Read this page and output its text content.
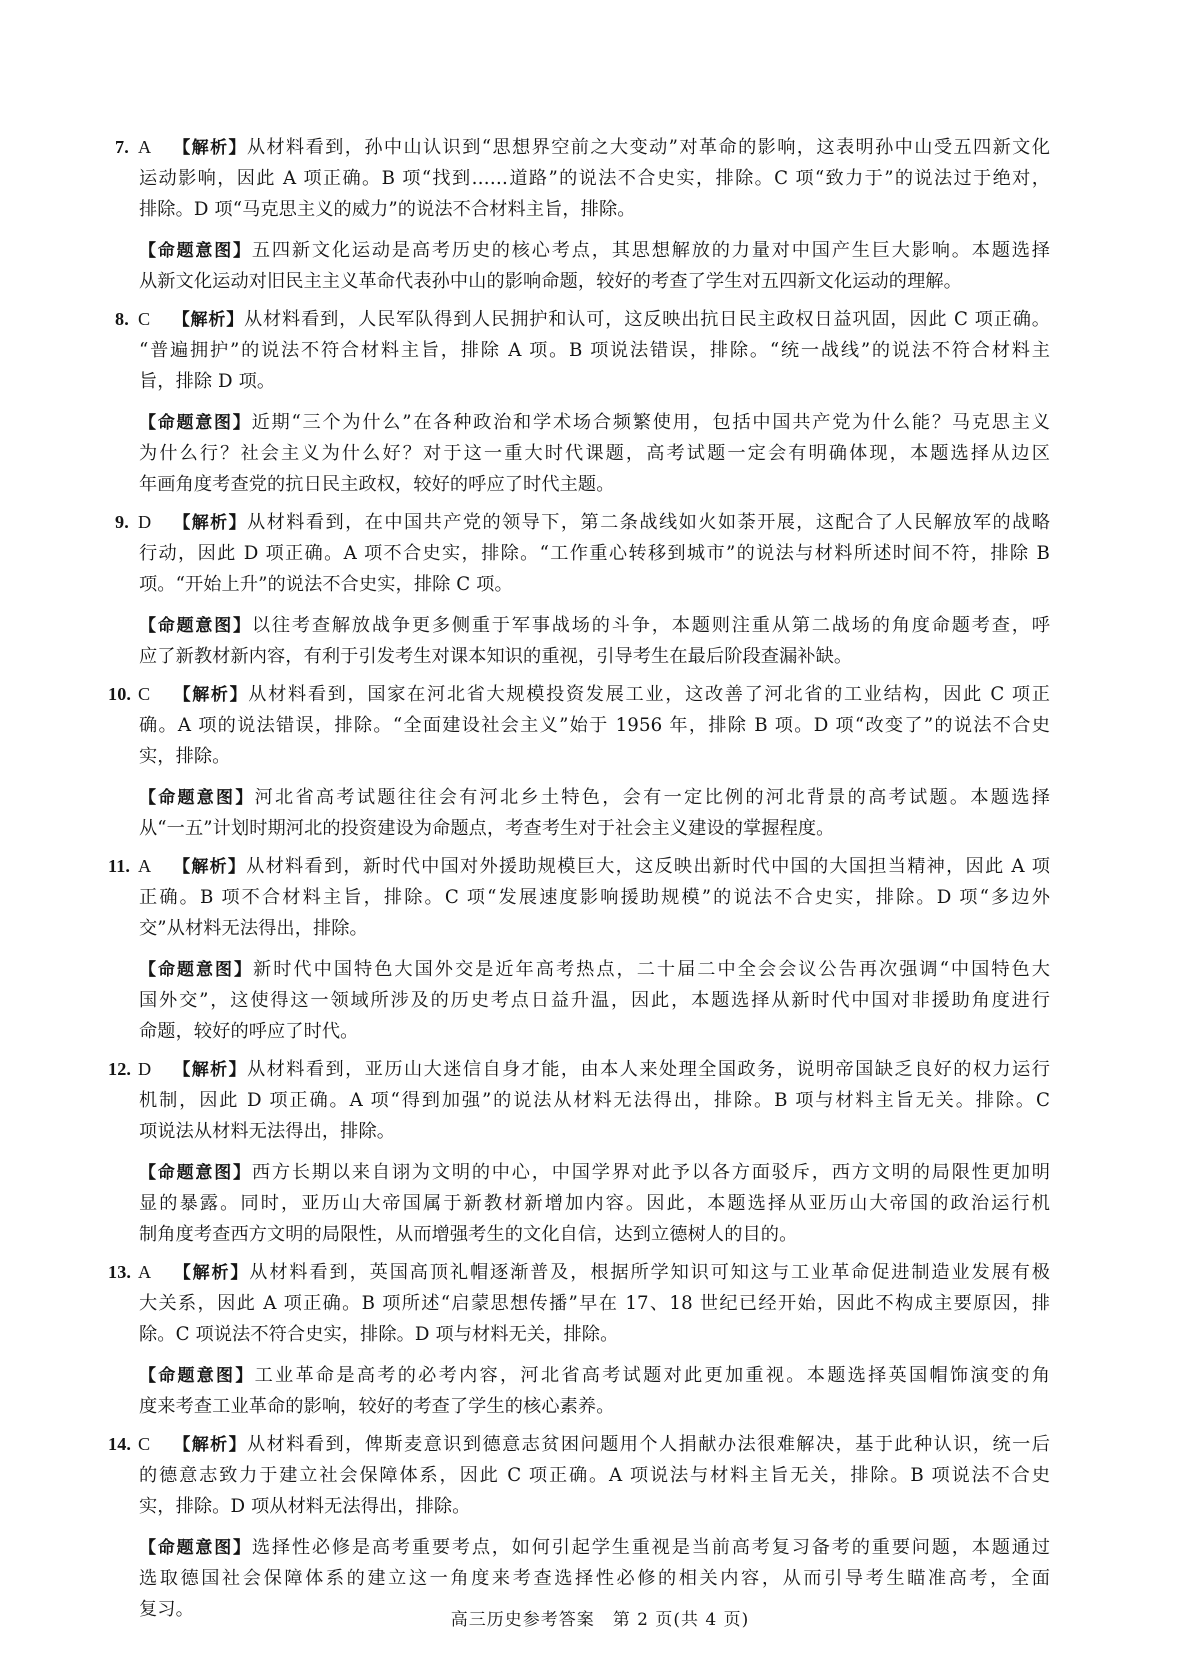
7. A 【解析】从材料看到，孙中山认识到“思想界空前之大变动”对革命的影响，这表明孙中山受五四新文化
运动影响，因此 A 项正确。B 项“找到……道路”的说法不合史实，排除。C 项“致力于”的说法过于绝对，
排除。D 项“马克思主义的威力”的说法不合材料主旨，排除。
【命题意图】五四新文化运动是高考历史的核心考点，其思想解放的力量对中国产生巨大影响。本题选择
从新文化运动对旧民主主义革命代表孙中山的影响命题，较好的考查了学生对五四新文化运动的理解。
8. C 【解析】从材料看到，人民军队得到人民拥护和认可，这反映出抗日民主政权日益巩固，因此 C 项正确。
“普遍拥护”的说法不符合材料主旨，排除 A 项。B 项说法错误，排除。“统一战线”的说法不符合材料主
旨，排除 D 项。
【命题意图】近期“三个为什么”在各种政治和学术场合频繁使用，包括中国共产党为什么能？马克思主义
为什么行？社会主义为什么好？对于这一重大时代课题，高考试题一定会有明确体现，本题选择从边区
年画角度考查党的抗日民主政权，较好的呼应了时代主题。
9. D 【解析】从材料看到，在中国共产党的领导下，第二条战线如火如荼开展，这配合了人民解放军的战略
行动，因此 D 项正确。A 项不合史实，排除。“工作重心转移到城市”的说法与材料所述时间不符，排除 B
项。“开始上升”的说法不合史实，排除 C 项。
【命题意图】以往考查解放战争更多侧重于军事战场的斗争，本题则注重从第二战场的角度命题考查，呼
应了新教材新内容，有利于引发考生对课本知识的重视，引导考生在最后阶段查漏补缺。
10. C 【解析】从材料看到，国家在河北省大规模投资发展工业，这改善了河北省的工业结构，因此 C 项正
确。A 项的说法错误，排除。“全面建设社会主义”始于 1956 年，排除 B 项。D 项“改变了”的说法不合史
实，排除。
【命题意图】河北省高考试题往往会有河北乡土特色，会有一定比例的河北背景的高考试题。本题选择
从“一五”计划时期河北的投资建设为命题点，考查考生对于社会主义建设的掌握程度。
11. A 【解析】从材料看到，新时代中国对外援助规模巨大，这反映出新时代中国的大国担当精神，因此 A 项
正确。B 项不合材料主旨，排除。C 项“发展速度影响援助规模”的说法不合史实，排除。D 项“多边外
交”从材料无法得出，排除。
【命题意图】新时代中国特色大国外交是近年高考热点，二十届二中全会会议公告再次强调“中国特色大
国外交”，这使得这一领域所涉及的历史考点日益升温，因此，本题选择从新时代中国对非援助角度进行
命题，较好的呼应了时代。
12. D 【解析】从材料看到，亚历山大迷信自身才能，由本人来处理全国政务，说明帝国缺乏良好的权力运行
机制，因此 D 项正确。A 项“得到加强”的说法从材料无法得出，排除。B 项与材料主旨无关。排除。C
项说法从材料无法得出，排除。
【命题意图】西方长期以来自诩为文明的中心，中国学界对此予以各方面驳斥，西方文明的局限性更加明
显的暴露。同时，亚历山大帝国属于新教材新增加内容。因此，本题选择从亚历山大帝国的政治运行机
制角度考查西方文明的局限性，从而增强考生的文化自信，达到立德树人的目的。
13. A 【解析】从材料看到，英国高顶礼帽逐渐普及，根据所学知识可知这与工业革命促进制造业发展有极
大关系，因此 A 项正确。B 项所述“启蒙思想传播”早在 17、18 世纪已经开始，因此不构成主要原因，排
除。C 项说法不符合史实，排除。D 项与材料无关，排除。
【命题意图】工业革命是高考的必考内容，河北省高考试题对此更加重视。本题选择英国帽饰演变的角
度来考查工业革命的影响，较好的考查了学生的核心素养。
14. C 【解析】从材料看到，俾斯麦意识到德意志贫困问题用个人捐献办法很难解决，基于此种认识，统一后
的德意志致力于建立社会保障体系，因此 C 项正确。A 项说法与材料主旨无关，排除。B 项说法不合史
实，排除。D 项从材料无法得出，排除。
【命题意图】选择性必修是高考重要考点，如何引起学生重视是当前高考复习备考的重要问题，本题通过
选取德国社会保障体系的建立这一角度来考查选择性必修的相关内容，从而引导考生瞄准高考，全面
复习。	高三历史参考答案　第 2 页(共 4 页)
